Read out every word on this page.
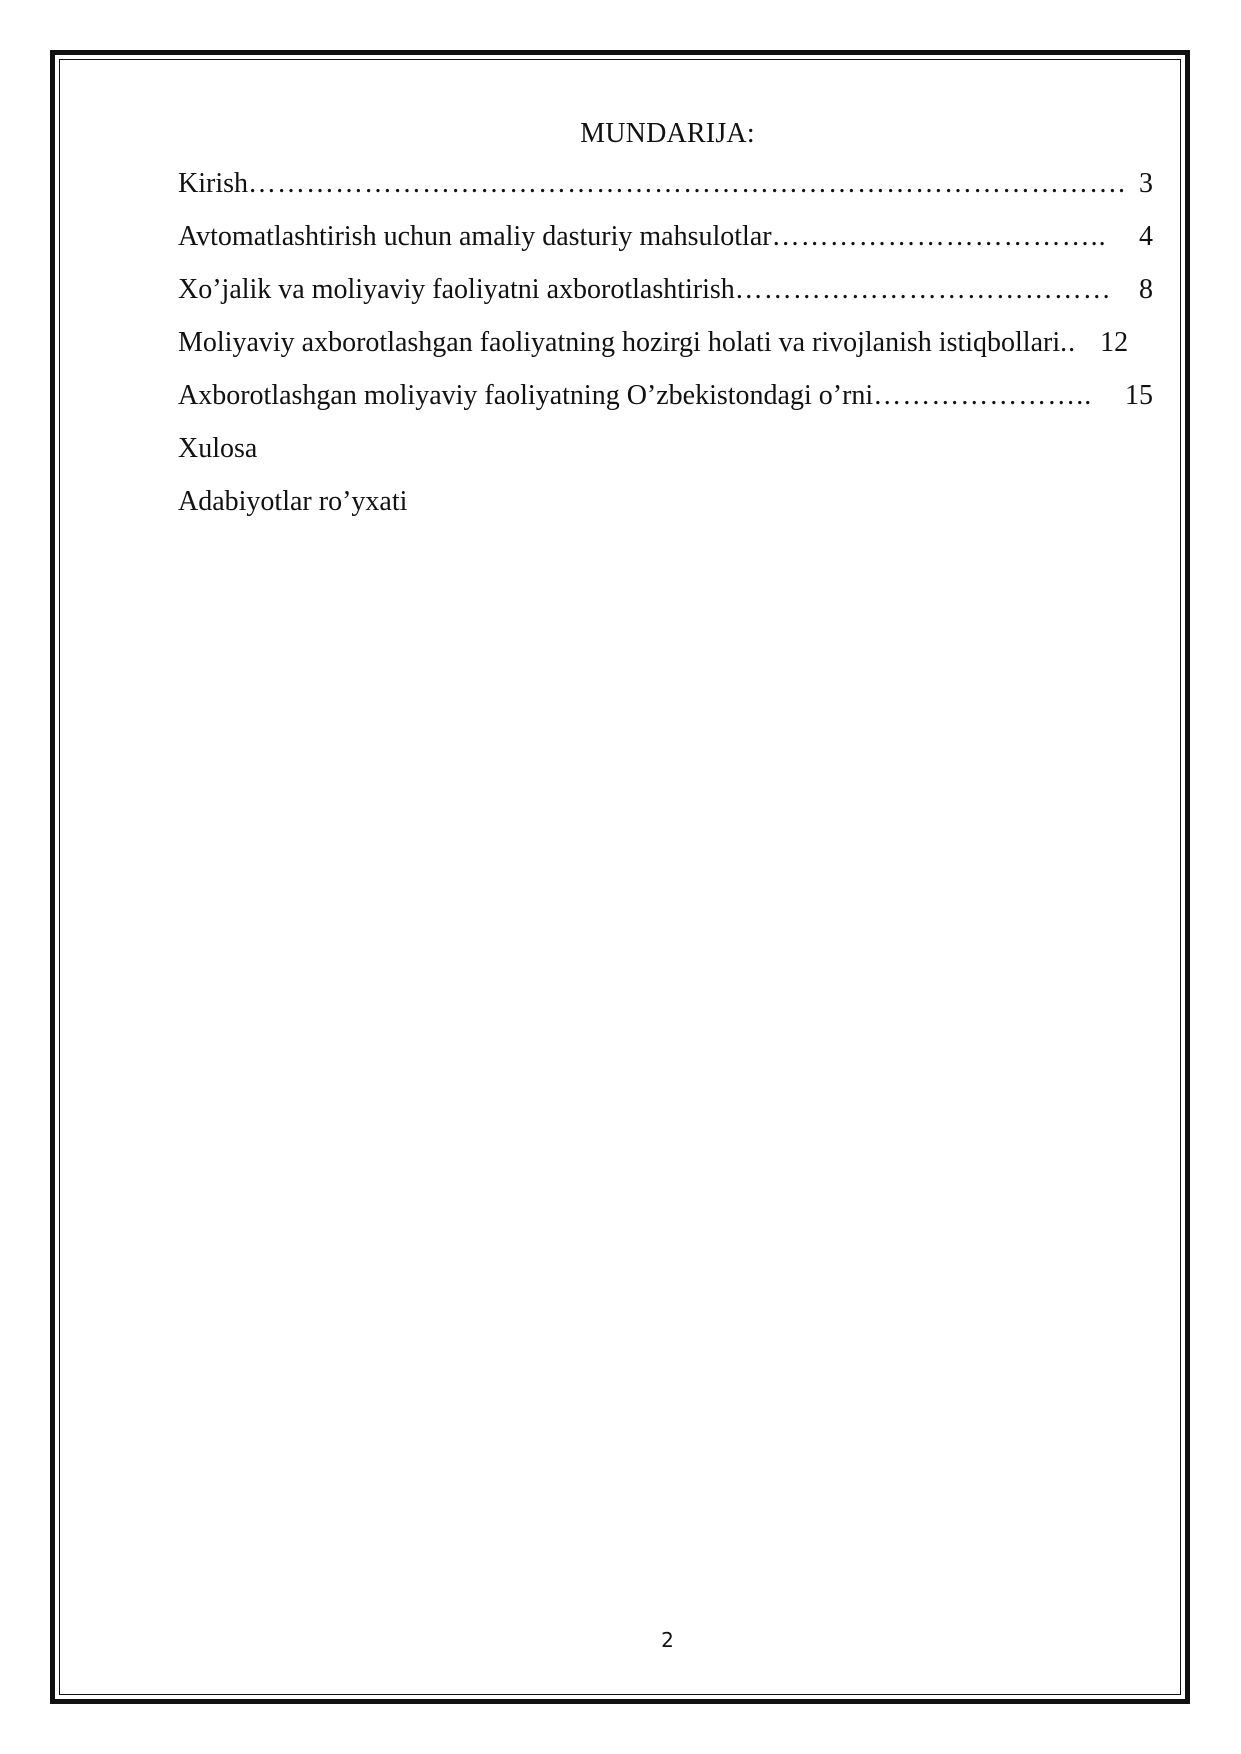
MUNDARIJA:
Kirish ………………………………………………………………………………. 3
Avtomatlashtirish uchun amaliy dasturiy mahsulotlar ……………………………..	4
Xo’jalik va moliyaviy faoliyatni axborotlashtirish ………………………………… 8
Moliyaviy axborotlashgan faoliyatning hozirgi holati va rivojlanish istiqbollari .. 12
Axborotlashgan moliyaviy faoliyatning O’zbekistondagi o’rni ………………….. 15
Xulosa
Adabiyotlar ro’yxati
2
